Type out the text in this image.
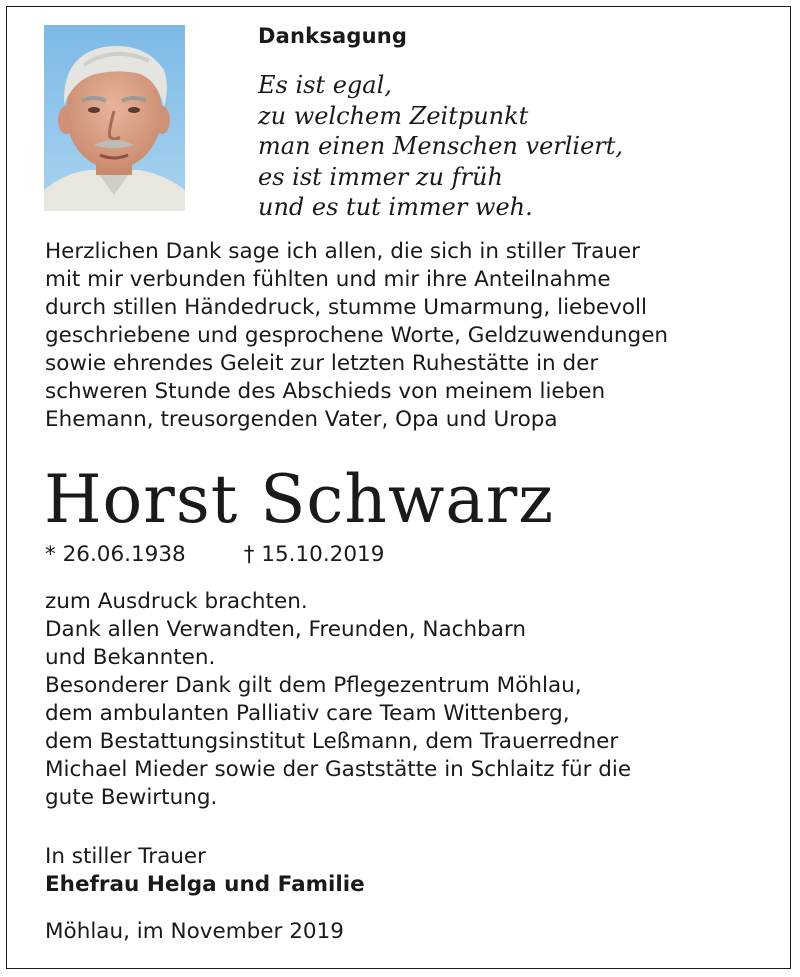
Danksagung
Es ist egal,
zu welchem Zeitpunkt
man einen Menschen verliert,
es ist immer zu früh
und es tut immer weh.
Herzlichen Dank sage ich allen, die sich in stiller Trauer
mit mir verbunden fühlten und mir ihre Anteilnahme
durch stillen Händedruck, stumme Umarmung, liebevoll
geschriebene und gesprochene Worte, Geldzuwendungen
sowie ehrendes Geleit zur letzten Ruhestätte in der
schweren Stunde des Abschieds von meinem lieben
Ehemann, treusorgenden Vater, Opa und Uropa
Horst Schwarz
* 26.06.1938	† 15.10.2019
zum Ausdruck brachten.
Dank allen Verwandten, Freunden, Nachbarn
und Bekannten.
Besonderer Dank gilt dem Pflegezentrum Möhlau,
dem ambulanten Palliativ care Team Wittenberg,
dem Bestattungsinstitut Leßmann, dem Trauerredner
Michael Mieder sowie der Gaststätte in Schlaitz für die
gute Bewirtung.
In stiller Trauer
Ehefrau Helga und Familie
Möhlau, im November 2019
